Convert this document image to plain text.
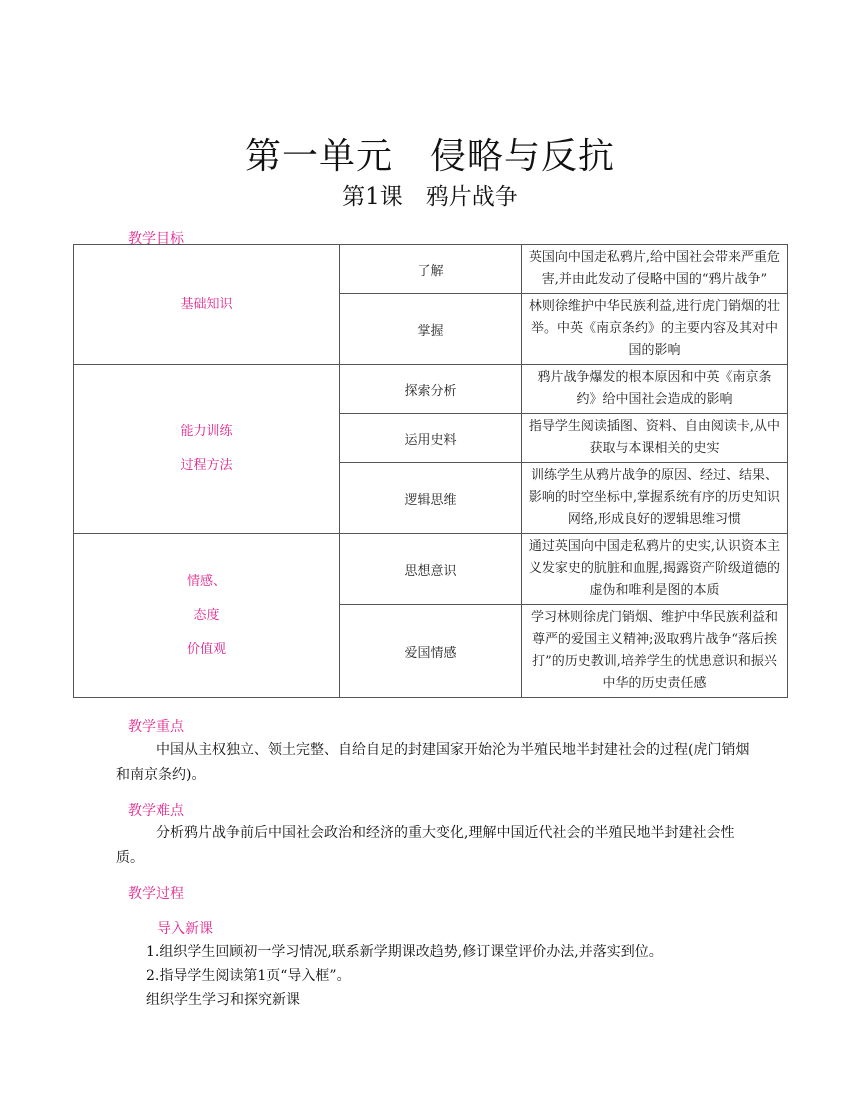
第一单元　侵略与反抗
第1课　鸦片战争
教学目标
基础知识	了解	英国向中国走私鸦片,给中国社会带来严重危害,并由此发动了侵略中国的“鸦片战争”
	掌握	林则徐维护中华民族利益,进行虎门销烟的壮举。中英《南京条约》的主要内容及其对中国的影响

能力训练
过程方法	探索分析	鸦片战争爆发的根本原因和中英《南京条约》给中国社会造成的影响
	运用史料	指导学生阅读插图、资料、自由阅读卡,从中获取与本课相关的史实
	逻辑思维	训练学生从鸦片战争的原因、经过、结果、影响的时空坐标中,掌握系统有序的历史知识网络,形成良好的逻辑思维习惯

情感、
态度
价值观	思想意识	通过英国向中国走私鸦片的史实,认识资本主义发家史的肮脏和血腥,揭露资产阶级道德的虚伪和唯利是图的本质
	爱国情感	学习林则徐虎门销烟、维护中华民族利益和尊严的爱国主义精神;汲取鸦片战争“落后挨打”的历史教训,培养学生的忧患意识和振兴中华的历史责任感
教学重点
中国从主权独立、领土完整、自给自足的封建国家开始沦为半殖民地半封建社会的过程(虎门销烟和南京条约)。
教学难点
分析鸦片战争前后中国社会政治和经济的重大变化,理解中国近代社会的半殖民地半封建社会性质。
教学过程
导入新课
1.组织学生回顾初一学习情况,联系新学期课改趋势,修订课堂评价办法,并落实到位。
2.指导学生阅读第1页“导入框”。
组织学生学习和探究新课
